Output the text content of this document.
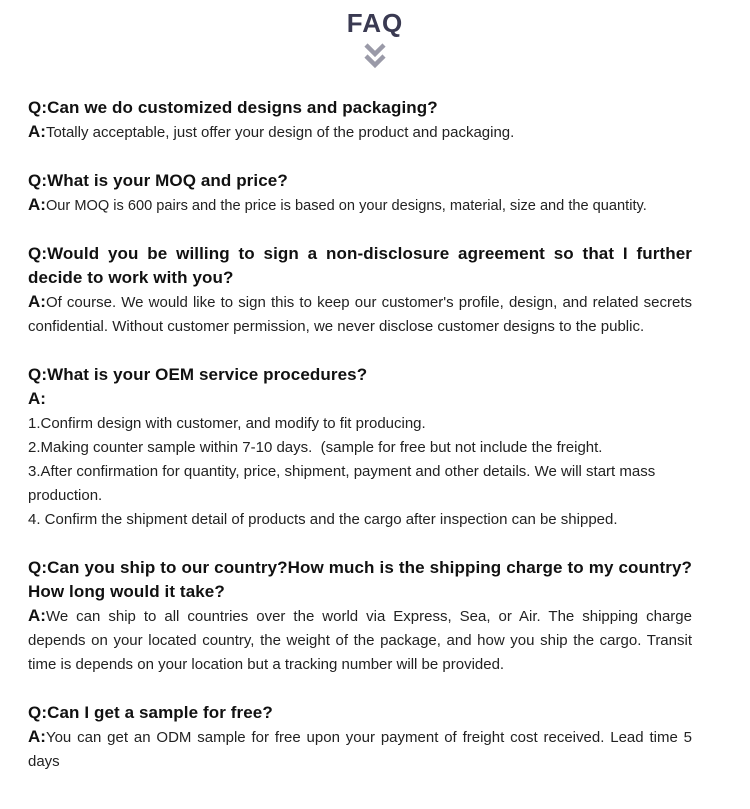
FAQ
Q:Can we do customized designs and packaging?
A:Totally acceptable, just offer your design of the product and packaging.
Q:What is your MOQ and price?
A:Our MOQ is 600 pairs and the price is based on your designs, material, size and the quantity.
Q:Would you be willing to sign a non-disclosure agreement so that I further decide to work with you?
A:Of course. We would like to sign this to keep our customer's profile, design, and related secrets confidential. Without customer permission, we never disclose customer designs to the public.
Q:What is your OEM service procedures?
A:
1.Confirm design with customer, and modify to fit producing.
2.Making counter sample within 7-10 days.  (sample for free but not include the freight.
3.After confirmation for quantity, price, shipment, payment and other details. We will start mass production.
4. Confirm the shipment detail of products and the cargo after inspection can be shipped.
Q:Can you ship to our country?How much is the shipping charge to my country? How long would it take?
A:We can ship to all countries over the world via Express, Sea, or Air. The shipping charge depends on your located country, the weight of the package, and how you ship the cargo. Transit time is depends on your location but a tracking number will be provided.
Q:Can I get a sample for free?
A:You can get an ODM sample for free upon your payment of freight cost received. Lead time 5 days
